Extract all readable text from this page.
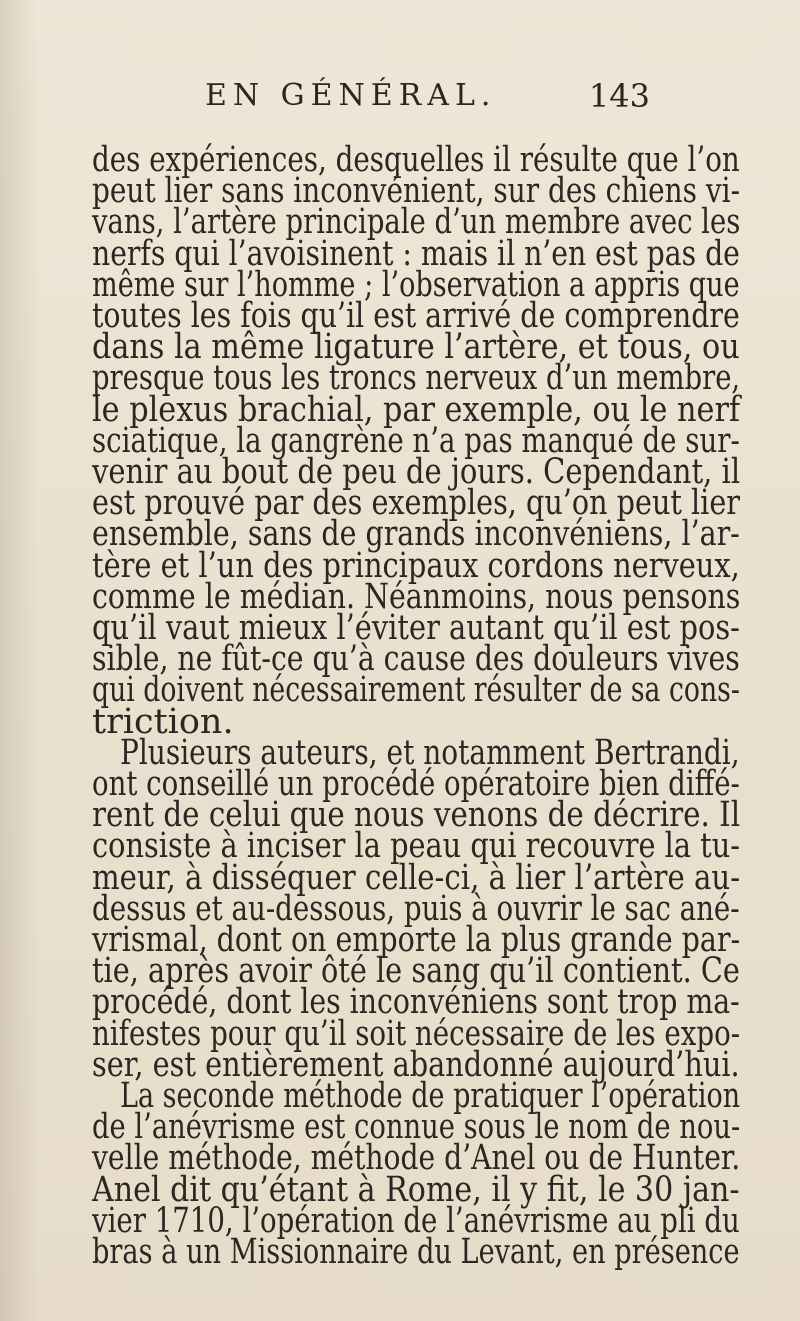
EN GÉNÉRAL.	143
des expériences, desquelles il résulte que l’on
peut lier sans inconvénient, sur des chiens vi-
vans, l’artère principale d’un membre avec les
nerfs qui l’avoisinent : mais il n’en est pas de
même sur l’homme ; l’observation a appris que
toutes les fois qu’il est arrivé de comprendre
dans la même ligature l’artère, et tous, ou
presque tous les troncs nerveux d’un membre,
le plexus brachial, par exemple, ou le nerf
sciatique, la gangrène n’a pas manqué de sur-
venir au bout de peu de jours. Cependant, il
est prouvé par des exemples, qu’on peut lier
ensemble, sans de grands inconvéniens, l’ar-
tère et l’un des principaux cordons nerveux,
comme le médian. Néanmoins, nous pensons
qu’il vaut mieux l’éviter autant qu’il est pos-
sible, ne fût-ce qu’à cause des douleurs vives
qui doivent nécessairement résulter de sa cons-
triction.
Plusieurs auteurs, et notamment Bertrandi,
ont conseillé un procédé opératoire bien diffé-
rent de celui que nous venons de décrire. Il
consiste à inciser la peau qui recouvre la tu-
meur, à disséquer celle-ci, à lier l’artère au-
dessus et au-dessous, puis à ouvrir le sac ané-
vrismal, dont on emporte la plus grande par-
tie, après avoir ôté le sang qu’il contient. Ce
procédé, dont les inconvéniens sont trop ma-
nifestes pour qu’il soit nécessaire de les expo-
ser, est entièrement abandonné aujourd’hui.
La seconde méthode de pratiquer l’opération
de l’anévrisme est connue sous le nom de nou-
velle méthode, méthode d’Anel ou de Hunter.
Anel dit qu’étant à Rome, il y fit, le 30 jan-
vier 1710, l’opération de l’anévrisme au pli du
bras à un Missionnaire du Levant, en présence
